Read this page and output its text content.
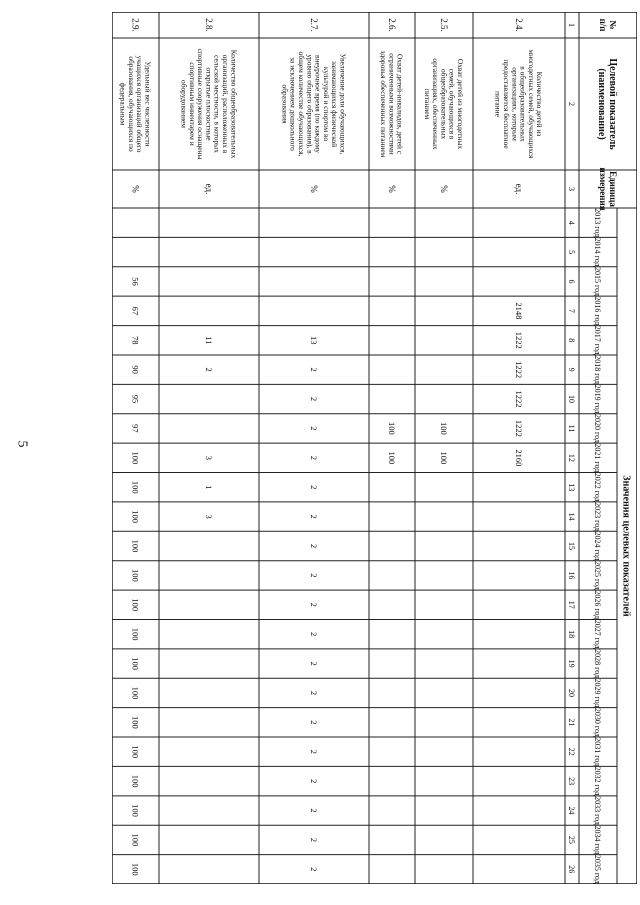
5
№п/п
Целевой показатель(наименование)
Единицаизмерения
Значения целевых показателей
2013 год
2014 год
2015 год
2016 год
2017 год
2018 год
2019 год
2020 год
2021 год
2022 год
2023 год
2024 год
2025 год
2026 год
2027 год
2028 год
2029 год
2030 год
2031 год
2032 год
2033 год
2034 год
2035 год
1
2
3
4
5
6
7
8
9
10
11
12
13
14
15
16
17
18
19
20
21
22
23
24
25
26
2.4.
Количество детей измногодетных семей, обучающихсяв общеобразовательныхорганизациях, которымпредоставляется бесплатноепитание
ед.
2148
1222
1222
1222
1222
2160
2.5.
Охват детей из многодетныхсемей, обучающихся вобщеобразовательныхорганизациях, обеспеченныхпитанием
%
100
100
2.6.
Охват детей-инвалидов, детей сограниченными возможностямиздоровья обеспеченных питанием
%
100
100
2.7.
Увеличение доли обучающихся,занимающихся физическойкультурой и спортом вовнеурочное время (по каждомууровню общего образования), вобщем количестве обучающихся,за исключением дошкольногообразования
%
13
2
2
2
2
2
2
2
2
2
2
2
2
2
2
2
2
2
2
2.8.
Количество общеобразовательныхорганизаций, расположенных всельской местности, в которыхоткрытые плоскостныеспортивные сооружения оснащеныспортивным инвентарем иоборудованием
ед.
11
2
3
1
3
2.9.
Удельный вес численностиучащихся организаций общегообразования, обучающихся пофедеральным
%
56
67
78
90
95
97
100
100
100
100
100
100
100
100
100
100
100
100
100
100
100
